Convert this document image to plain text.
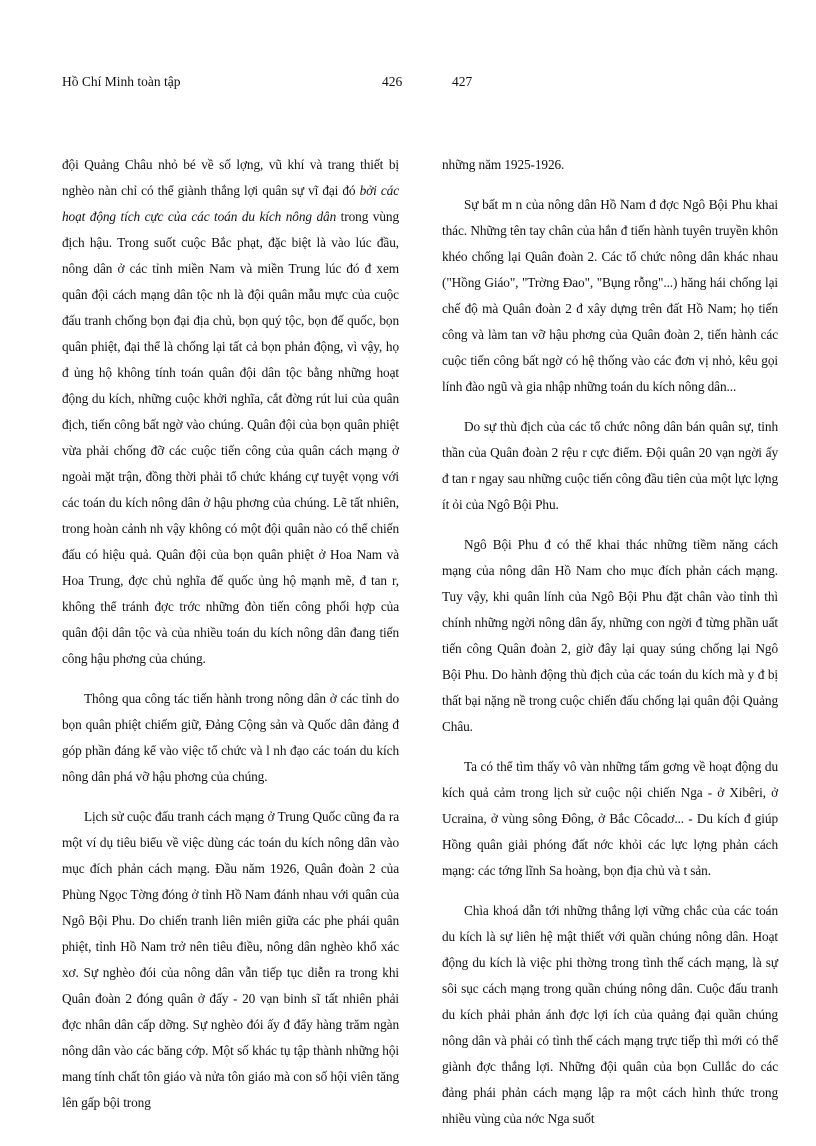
Hồ Chí Minh toàn tập	426	427

đội Quảng Châu nhỏ bé về số lợng, vũ khí và trang thiết bị nghèo nàn chỉ có thể giành thắng lợi quân sự vĩ đại đó bởi các hoạt động tích cực của các toán du kích nông dân trong vùng địch hậu. Trong suốt cuộc Bắc phạt, đặc biệt là vào lúc đầu, nông dân ở các tỉnh miền Nam và miền Trung lúc đó đ xem quân đội cách mạng dân tộc nh là đội quân mẫu mực của cuộc đấu tranh chống bọn đại địa chủ, bọn quý tộc, bọn đế quốc, bọn quân phiệt, đại thể là chống lại tất cả bọn phản động, vì vậy, họ đ ủng hộ không tính toán quân đội dân tộc bằng những hoạt động du kích, những cuộc khởi nghĩa, cắt đờng rút lui của quân địch, tiến công bất ngờ vào chúng. Quân đội của bọn quân phiệt vừa phải chống đỡ các cuộc tiến công của quân cách mạng ở ngoài mặt trận, đồng thời phải tổ chức kháng cự tuyệt vọng với các toán du kích nông dân ở hậu phơng của chúng. Lẽ tất nhiên, trong hoàn cảnh nh vậy không có một đội quân nào có thể chiến đấu có hiệu quả. Quân đội của bọn quân phiệt ở Hoa Nam và Hoa Trung, đợc chủ nghĩa đế quốc ủng hộ mạnh mẽ, đ tan r, không thể tránh đợc trớc những đòn tiến công phối hợp của quân đội dân tộc và của nhiều toán du kích nông dân đang tiến công hậu phơng của chúng.

Thông qua công tác tiến hành trong nông dân ở các tỉnh do bọn quân phiệt chiếm giữ, Đảng Cộng sản và Quốc dân đảng đ góp phần đáng kể vào việc tổ chức và l nh đạo các toán du kích nông dân phá vỡ hậu phơng của chúng.

Lịch sử cuộc đấu tranh cách mạng ở Trung Quốc cũng đa ra một ví dụ tiêu biểu về việc dùng các toán du kích nông dân vào mục đích phản cách mạng. Đầu năm 1926, Quân đoàn 2 của Phùng Ngọc Tờng đóng ở tỉnh Hồ Nam đánh nhau với quân của Ngô Bội Phu. Do chiến tranh liên miên giữa các phe phái quân phiệt, tỉnh Hồ Nam trở nên tiêu điều, nông dân nghèo khổ xác xơ. Sự nghèo đói của nông dân vẫn tiếp tục diễn ra trong khi Quân đoàn 2 đóng quân ở đấy - 20 vạn binh sĩ tất nhiên phải đợc nhân dân cấp dỡng. Sự nghèo đói ấy đ đẩy hàng trăm ngàn nông dân vào các băng cớp. Một số khác tụ tập thành những hội mang tính chất tôn giáo và nửa tôn giáo mà con số hội viên tăng lên gấp bội trong

những năm 1925-1926.

Sự bất m n của nông dân Hồ Nam đ đợc Ngô Bội Phu khai thác. Những tên tay chân của hắn đ tiến hành tuyên truyền khôn khéo chống lại Quân đoàn 2. Các tổ chức nông dân khác nhau ("Hồng Giáo", "Trờng Đao", "Bụng rỗng"...) hăng hái chống lại chế độ mà Quân đoàn 2 đ xây dựng trên đất Hồ Nam; họ tiến công và làm tan vỡ hậu phơng của Quân đoàn 2, tiến hành các cuộc tiến công bất ngờ có hệ thống vào các đơn vị nhỏ, kêu gọi lính đào ngũ và gia nhập những toán du kích nông dân...

Do sự thù địch của các tổ chức nông dân bán quân sự, tinh thần của Quân đoàn 2 rệu r cực điểm. Đội quân 20 vạn ngời ấy đ tan r ngay sau những cuộc tiến công đầu tiên của một lực lợng ít ỏi của Ngô Bội Phu.

Ngô Bội Phu đ có thể khai thác những tiềm năng cách mạng của nông dân Hồ Nam cho mục đích phản cách mạng. Tuy vậy, khi quân lính của Ngô Bội Phu đặt chân vào tỉnh thì chính những ngời nông dân ấy, những con ngời đ từng phần uất tiến công Quân đoàn 2, giờ đây lại quay súng chống lại Ngô Bội Phu. Do hành động thù địch của các toán du kích mà y đ bị thất bại nặng nề trong cuộc chiến đấu chống lại quân đội Quảng Châu.

Ta có thể tìm thấy vô vàn những tấm gơng về hoạt động du kích quả cảm trong lịch sử cuộc nội chiến Nga - ở Xibêri, ở Ucraina, ở vùng sông Đông, ở Bắc Côcadơ... - Du kích đ giúp Hồng quân giải phóng đất nớc khỏi các lực lợng phản cách mạng: các tớng lĩnh Sa hoàng, bọn địa chủ và t sản.

Chìa khoá dẫn tới những thắng lợi vững chắc của các toán du kích là sự liên hệ mật thiết với quần chúng nông dân. Hoạt động du kích là việc phi thờng trong tình thế cách mạng, là sự sôi sục cách mạng trong quần chúng nông dân. Cuộc đấu tranh du kích phải phản ánh đợc lợi ích của quảng đại quần chúng nông dân và phải có tình thế cách mạng trực tiếp thì mới có thể giành đợc thắng lợi. Những đội quân của bọn Cullắc do các đảng phái phản cách mạng lập ra một cách hình thức trong nhiều vùng của nớc Nga suốt
